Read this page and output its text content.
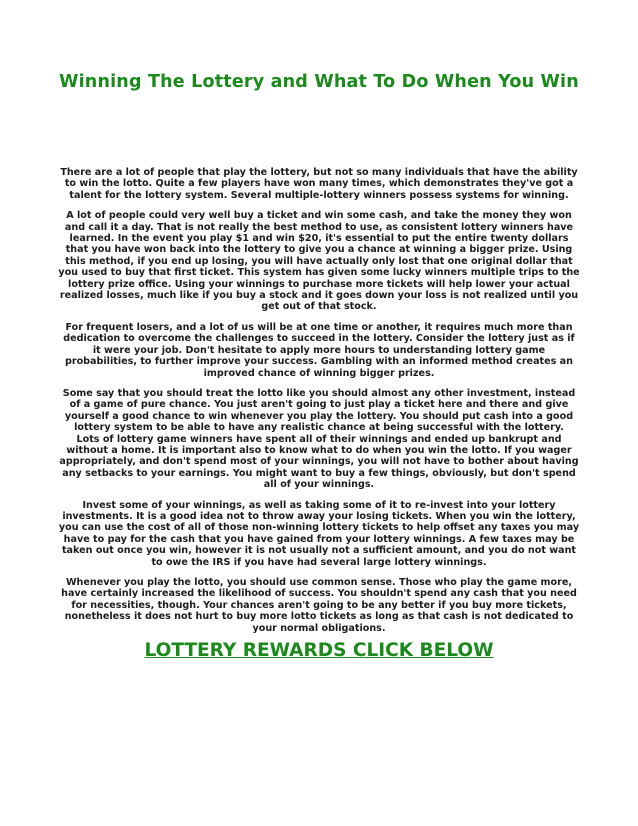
Winning The Lottery and What To Do When You Win

There are a lot of people that play the lottery, but not so many individuals that have the ability to win the lotto. Quite a few players have won many times, which demonstrates they've got a talent for the lottery system. Several multiple-lottery winners possess systems for winning.

A lot of people could very well buy a ticket and win some cash, and take the money they won and call it a day. That is not really the best method to use, as consistent lottery winners have learned. In the event you play $1 and win $20, it's essential to put the entire twenty dollars that you have won back into the lottery to give you a chance at winning a bigger prize. Using this method, if you end up losing, you will have actually only lost that one original dollar that you used to buy that first ticket. This system has given some lucky winners multiple trips to the lottery prize office. Using your winnings to purchase more tickets will help lower your actual realized losses, much like if you buy a stock and it goes down your loss is not realized until you get out of that stock.

For frequent losers, and a lot of us will be at one time or another, it requires much more than dedication to overcome the challenges to succeed in the lottery. Consider the lottery just as if it were your job. Don't hesitate to apply more hours to understanding lottery game probabilities, to further improve your success. Gambling with an informed method creates an improved chance of winning bigger prizes.

Some say that you should treat the lotto like you should almost any other investment, instead of a game of pure chance. You just aren't going to just play a ticket here and there and give yourself a good chance to win whenever you play the lottery. You should put cash into a good lottery system to be able to have any realistic chance at being successful with the lottery.

Lots of lottery game winners have spent all of their winnings and ended up bankrupt and without a home. It is important also to know what to do when you win the lotto. If you wager appropriately, and don't spend most of your winnings, you will not have to bother about having any setbacks to your earnings. You might want to buy a few things, obviously, but don't spend all of your winnings.

Invest some of your winnings, as well as taking some of it to re-invest into your lottery investments. It is a good idea not to throw away your losing tickets. When you win the lottery, you can use the cost of all of those non-winning lottery tickets to help offset any taxes you may have to pay for the cash that you have gained from your lottery winnings. A few taxes may be taken out once you win, however it is not usually not a sufficient amount, and you do not want to owe the IRS if you have had several large lottery winnings.

Whenever you play the lotto, you should use common sense. Those who play the game more, have certainly increased the likelihood of success. You shouldn't spend any cash that you need for necessities, though. Your chances aren't going to be any better if you buy more tickets, nonetheless it does not hurt to buy more lotto tickets as long as that cash is not dedicated to your normal obligations.

LOTTERY REWARDS CLICK BELOW
